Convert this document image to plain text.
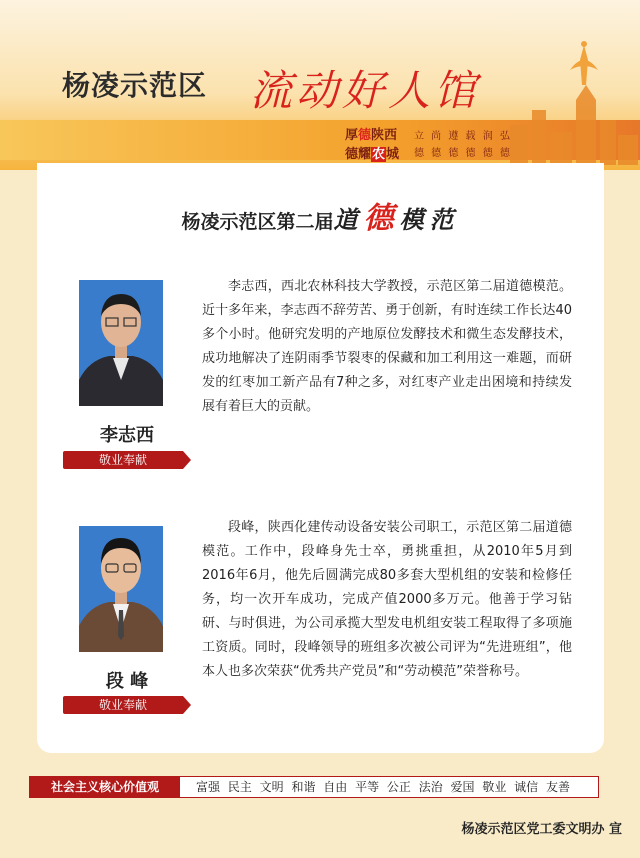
杨凌示范区 流动好人馆
厚德陕西
德耀农城
立 尚 遵 载 润 弘
德 德 德 德 德 德
杨凌示范区第二届道德模范
李志西
敬业奉献
李志西，西北农林科技大学教授，示范区第二届道德模范。近十多年来，李志西不辞劳苦、勇于创新，有时连续工作长达40多个小时。他研究发明的产地原位发酵技术和微生态发酵技术，成功地解决了连阴雨季节裂枣的保藏和加工利用这一难题，而研发的红枣加工新产品有7种之多，对红枣产业走出困境和持续发展有着巨大的贡献。
段 峰
敬业奉献
段峰，陕西化建传动设备安装公司职工，示范区第二届道德模范。工作中，段峰身先士卒，勇挑重担，从2010年5月到2016年6月，他先后圆满完成80多套大型机组的安装和检修任务，均一次开车成功，完成产值2000多万元。他善于学习钻研、与时俱进，为公司承揽大型发电机组安装工程取得了多项施工资质。同时，段峰领导的班组多次被公司评为“先进班组”，他本人也多次荣获“优秀共产党员”和“劳动模范”荣誉称号。
社会主义核心价值观	富强 民主 文明 和谐 自由 平等 公正 法治 爱国 敬业 诚信 友善
杨凌示范区党工委文明办 宣
